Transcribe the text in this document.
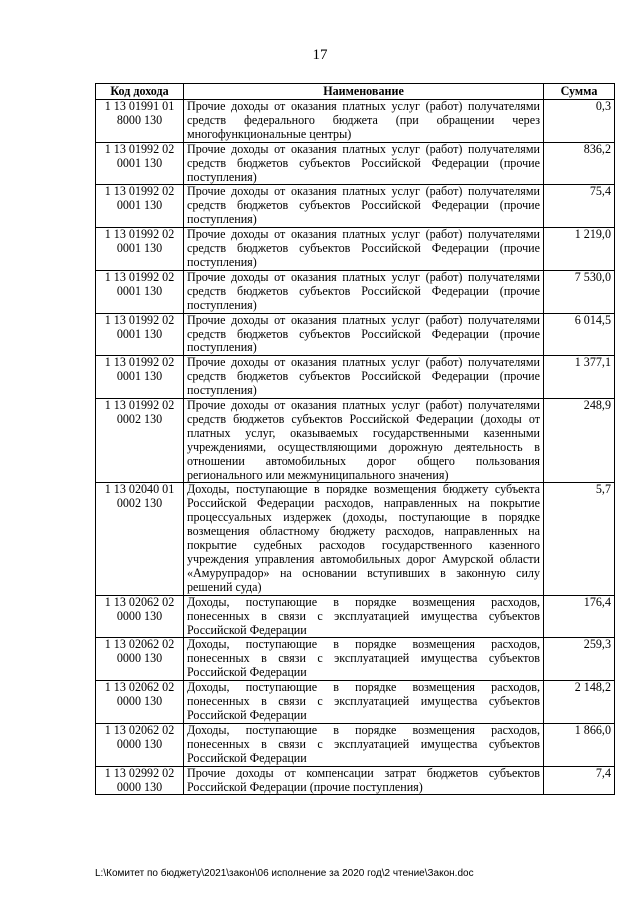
17
Код дохода	Наименование	Сумма
1 13 01991 01 8000 130	Прочие доходы от оказания платных услуг (работ) получателями средств федерального бюджета (при обращении через многофункциональные центры)	0,3
1 13 01992 02 0001 130	Прочие доходы от оказания платных услуг (работ) получателями средств бюджетов субъектов Российской Федерации (прочие поступления)	836,2
1 13 01992 02 0001 130	Прочие доходы от оказания платных услуг (работ) получателями средств бюджетов субъектов Российской Федерации (прочие поступления)	75,4
1 13 01992 02 0001 130	Прочие доходы от оказания платных услуг (работ) получателями средств бюджетов субъектов Российской Федерации (прочие поступления)	1 219,0
1 13 01992 02 0001 130	Прочие доходы от оказания платных услуг (работ) получателями средств бюджетов субъектов Российской Федерации (прочие поступления)	7 530,0
1 13 01992 02 0001 130	Прочие доходы от оказания платных услуг (работ) получателями средств бюджетов субъектов Российской Федерации (прочие поступления)	6 014,5
1 13 01992 02 0001 130	Прочие доходы от оказания платных услуг (работ) получателями средств бюджетов субъектов Российской Федерации (прочие поступления)	1 377,1
1 13 01992 02 0002 130	Прочие доходы от оказания платных услуг (работ) получателями средств бюджетов субъектов Российской Федерации (доходы от платных услуг, оказываемых государственными казенными учреждениями, осуществляющими дорожную деятельность в отношении автомобильных дорог общего пользования регионального или межмуниципального значения)	248,9
1 13 02040 01 0002 130	Доходы, поступающие в порядке возмещения бюджету субъекта Российской Федерации расходов, направленных на покрытие процессуальных издержек (доходы, поступающие в порядке возмещения областному бюджету расходов, направленных на покрытие судебных расходов государственного казенного учреждения управления автомобильных дорог Амурской области «Амурупрадор» на основании вступивших в законную силу решений суда)	5,7
1 13 02062 02 0000 130	Доходы, поступающие в порядке возмещения расходов, понесенных в связи с эксплуатацией имущества субъектов Российской Федерации	176,4
1 13 02062 02 0000 130	Доходы, поступающие в порядке возмещения расходов, понесенных в связи с эксплуатацией имущества субъектов Российской Федерации	259,3
1 13 02062 02 0000 130	Доходы, поступающие в порядке возмещения расходов, понесенных в связи с эксплуатацией имущества субъектов Российской Федерации	2 148,2
1 13 02062 02 0000 130	Доходы, поступающие в порядке возмещения расходов, понесенных в связи с эксплуатацией имущества субъектов Российской Федерации	1 866,0
1 13 02992 02 0000 130	Прочие доходы от компенсации затрат бюджетов субъектов Российской Федерации (прочие поступления)	7,4
L:\Комитет по бюджету\2021\закон\06 исполнение за 2020 год\2 чтение\Закон.doc
